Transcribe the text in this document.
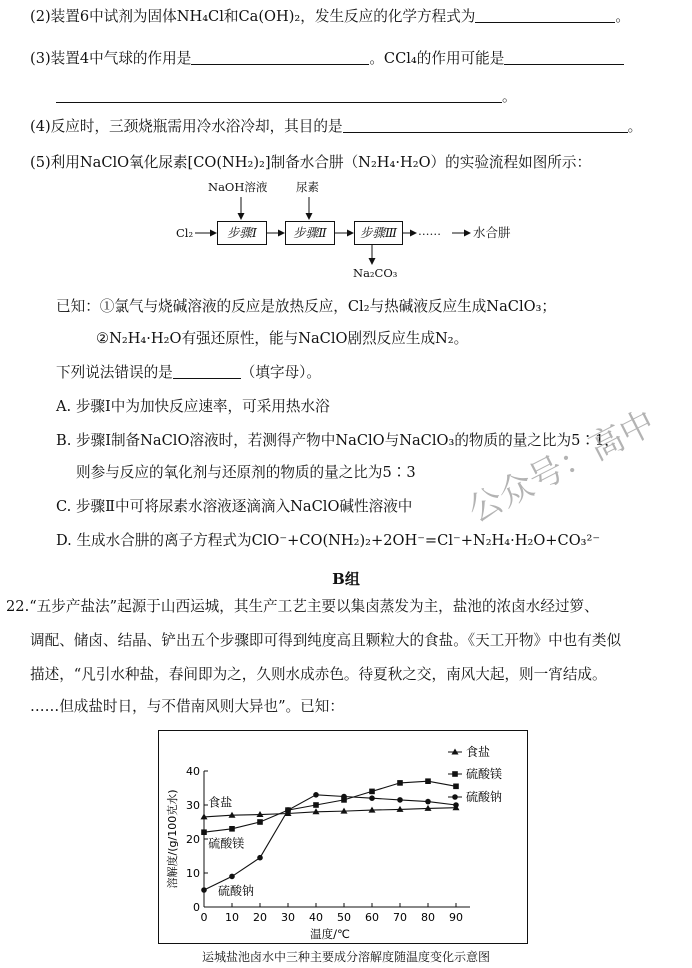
(2)装置6中试剂为固体NH₄Cl和Ca(OH)₂，发生反应的化学方程式为	。
(3)装置4中气球的作用是	。CCl₄的作用可能是
。
(4)反应时，三颈烧瓶需用冷水浴冷却，其目的是	。
(5)利用NaClO氧化尿素[CO(NH₂)₂]制备水合肼（N₂H₄·H₂O）的实验流程如图所示：
NaOH溶液 尿素
Cl₂	步骤Ⅰ	步骤Ⅱ	步骤Ⅲ	……	水合肼
Na₂CO₃
已知：①氯气与烧碱溶液的反应是放热反应，Cl₂与热碱液反应生成NaClO₃；
②N₂H₄·H₂O有强还原性，能与NaClO剧烈反应生成N₂。
下列说法错误的是	（填字母）。
A. 步骤Ⅰ中为加快反应速率，可采用热水浴
B. 步骤Ⅰ制备NaClO溶液时，若测得产物中NaClO与NaClO₃的物质的量之比为5∶1，
则参与反应的氧化剂与还原剂的物质的量之比为5∶3
C. 步骤Ⅱ中可将尿素水溶液逐滴滴入NaClO碱性溶液中
D. 生成水合肼的离子方程式为ClO⁻+CO(NH₂)₂+2OH⁻=Cl⁻+N₂H₄·H₂O+CO₃²⁻
B组
22.“五步产盐法”起源于山西运城，其生产工艺主要以集卤蒸发为主，盐池的浓卤水经过箩、
调配、储卤、结晶、铲出五个步骤即可得到纯度高且颗粒大的食盐。《天工开物》中也有类似
描述，“凡引水种盐，春间即为之，久则水成赤色。待夏秋之交，南风大起，则一宵结成。
……但成盐时日，与不借南风则大异也”。已知：
0
10
20
30
40
0 10 20 30 40 50 60 70 80 90
温度/℃
溶解度/(g/100克水)
食盐
硫酸镁
硫酸钠
食盐
硫酸镁
硫酸钠
运城盐池卤水中三种主要成分溶解度随温度变化示意图
公众号：高中
